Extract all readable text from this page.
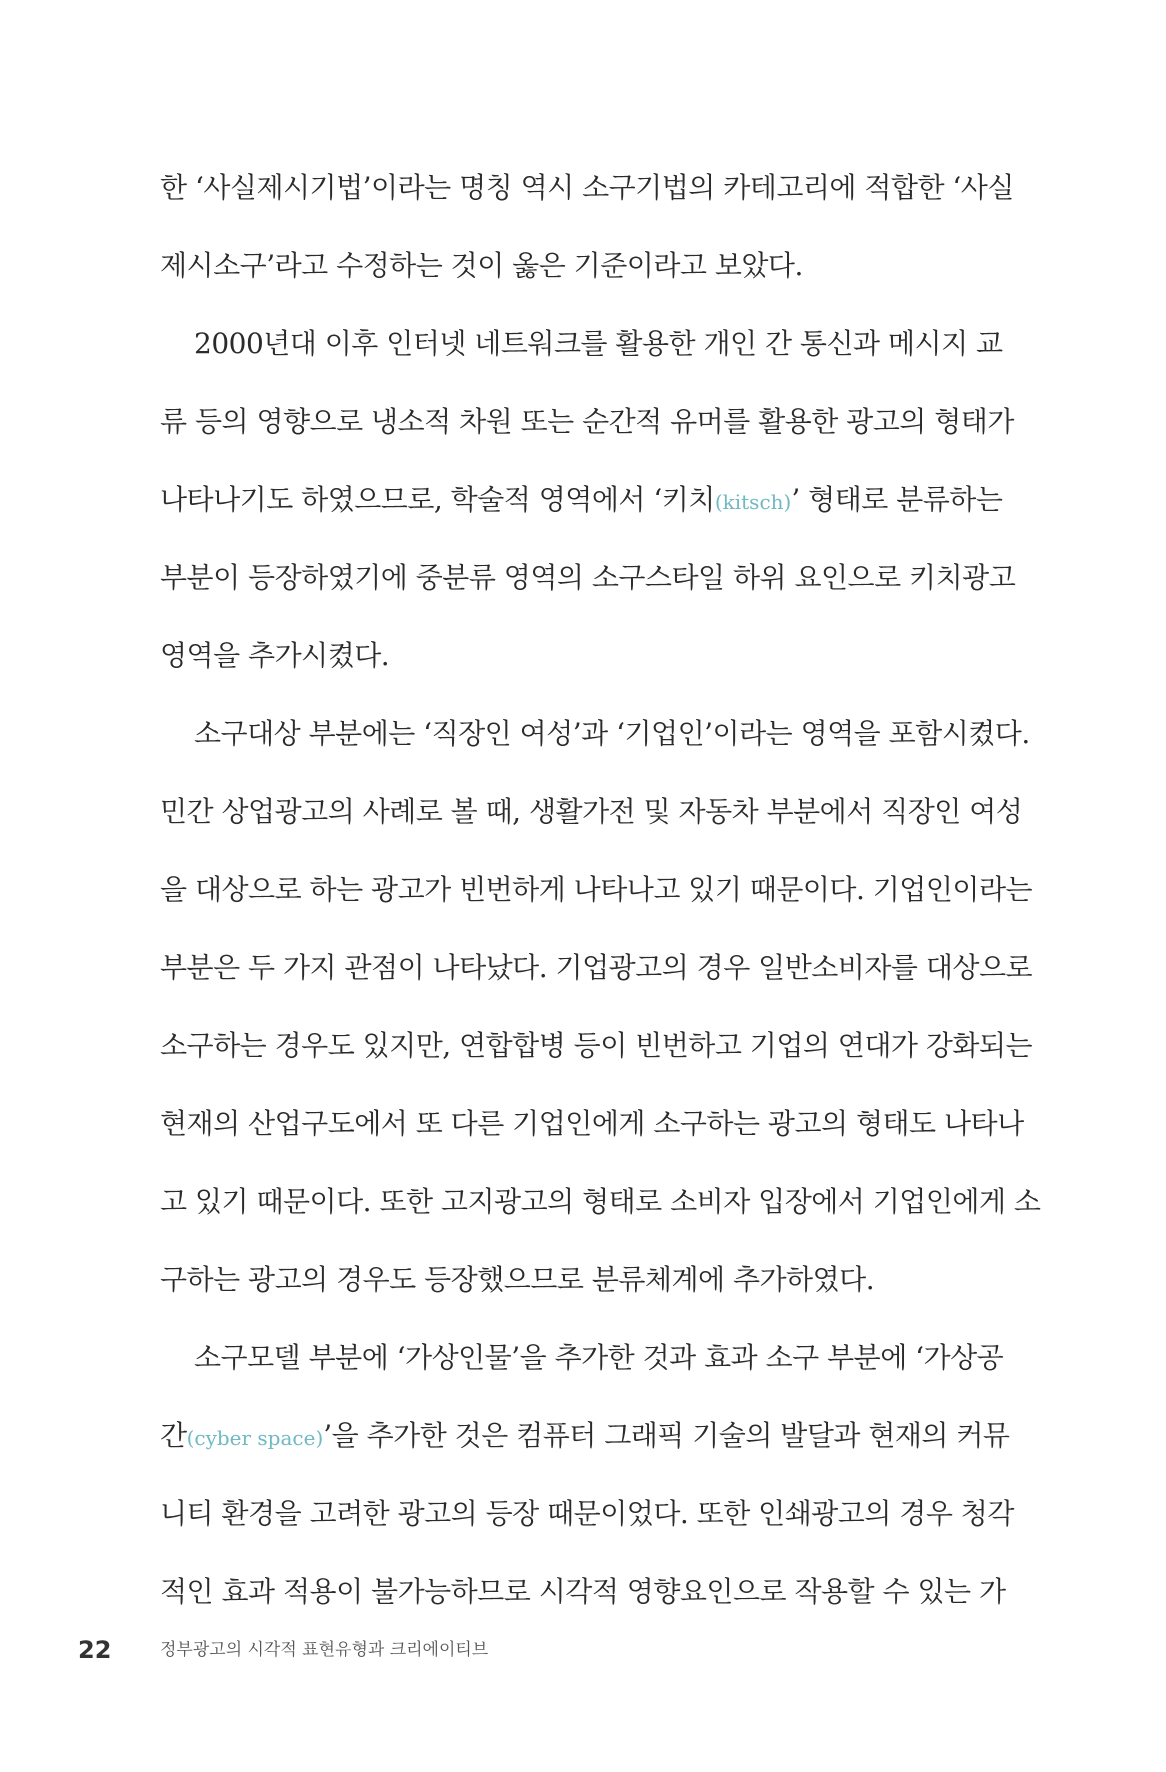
한 ‘사실제시기법’이라는 명칭 역시 소구기법의 카테고리에 적합한 ‘사실
제시소구’라고 수정하는 것이 옳은 기준이라고 보았다.
2000년대 이후 인터넷 네트워크를 활용한 개인 간 통신과 메시지 교
류 등의 영향으로 냉소적 차원 또는 순간적 유머를 활용한 광고의 형태가
나타나기도 하였으므로, 학술적 영역에서 ‘키치(kitsch)’ 형태로 분류하는
부분이 등장하였기에 중분류 영역의 소구스타일 하위 요인으로 키치광고
영역을 추가시켰다.
소구대상 부분에는 ‘직장인 여성’과 ‘기업인’이라는 영역을 포함시켰다.
민간 상업광고의 사례로 볼 때, 생활가전 및 자동차 부분에서 직장인 여성
을 대상으로 하는 광고가 빈번하게 나타나고 있기 때문이다. 기업인이라는
부분은 두 가지 관점이 나타났다. 기업광고의 경우 일반소비자를 대상으로
소구하는 경우도 있지만, 연합합병 등이 빈번하고 기업의 연대가 강화되는
현재의 산업구도에서 또 다른 기업인에게 소구하는 광고의 형태도 나타나
고 있기 때문이다. 또한 고지광고의 형태로 소비자 입장에서 기업인에게 소
구하는 광고의 경우도 등장했으므로 분류체계에 추가하였다.
소구모델 부분에 ‘가상인물’을 추가한 것과 효과 소구 부분에 ‘가상공
간(cyber space)’을 추가한 것은 컴퓨터 그래픽 기술의 발달과 현재의 커뮤
니티 환경을 고려한 광고의 등장 때문이었다. 또한 인쇄광고의 경우 청각
적인 효과 적용이 불가능하므로 시각적 영향요인으로 작용할 수 있는 가
22	정부광고의 시각적 표현유형과 크리에이티브
